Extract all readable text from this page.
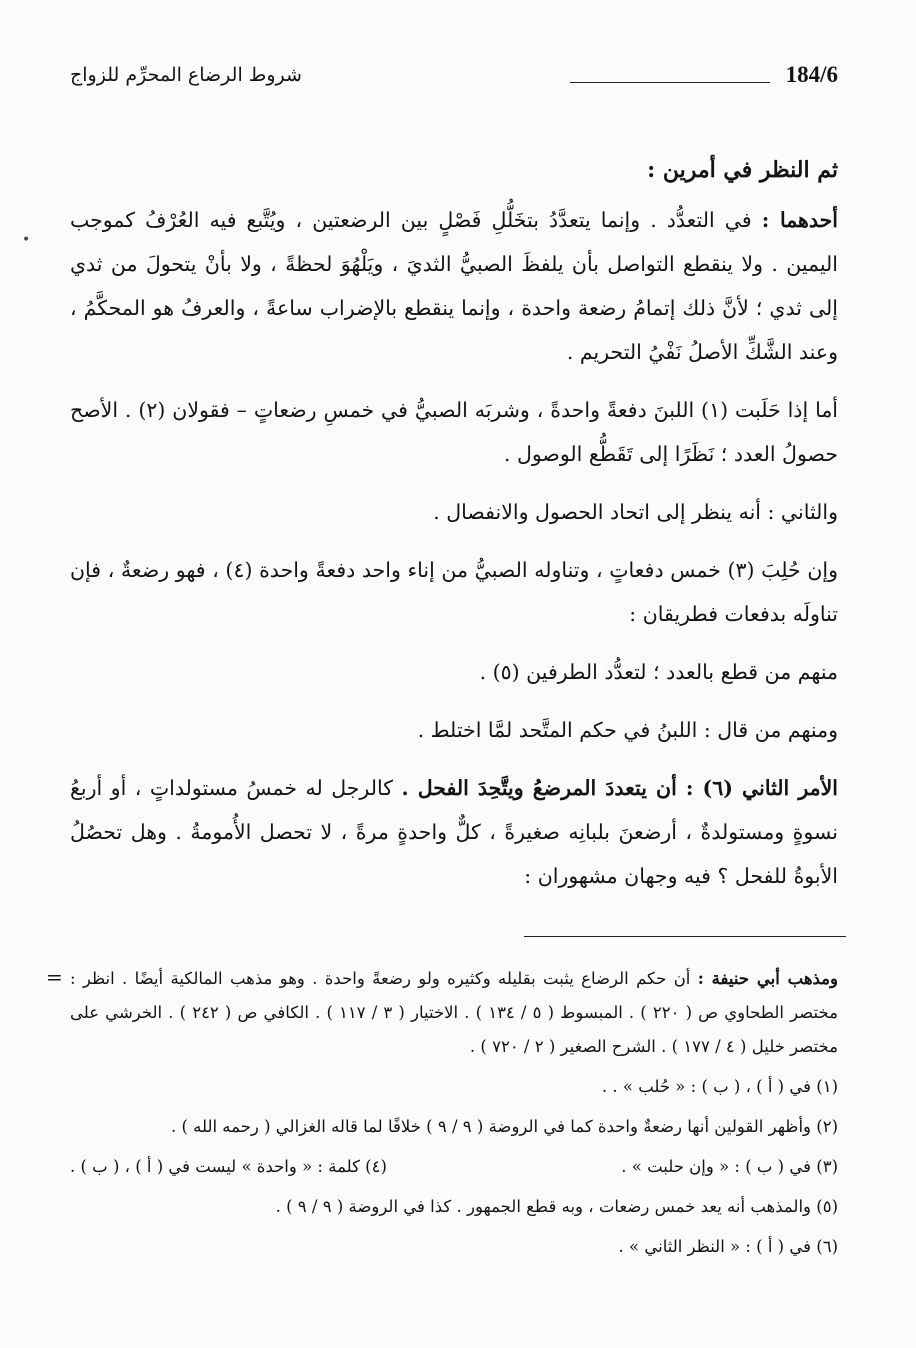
184/6
شروط الرضاع المحرِّم للزواج
•

ثم النظر في أمرين :

أحدهما : في التعدُّد . وإنما يتعدَّدُ بتخَلُّلِ فَصْلٍ بين الرضعتين ، ويُتَّبع فيه العُرْفُ كموجب اليمين . ولا ينقطع التواصل بأن يلفظَ الصبيُّ الثديَ ، ويَلْهُوَ لحظةً ، ولا بأنْ يتحولَ من ثدي إلى ثدي ؛ لأنَّ ذلك إتمامُ رضعة واحدة ، وإنما ينقطع بالإضراب ساعةً ، والعرفُ هو المحكَّمُ ، وعند الشَّكِّ الأصلُ نَفْيُ التحريم .

أما إذا حَلَبت (١) اللبنَ دفعةً واحدةً ، وشربَه الصبيُّ في خمسِ رضعاتٍ – فقولان (٢) . الأصح حصولُ العدد ؛ نَظَرًا إلى تَقَطُّع الوصول .

والثاني : أنه ينظر إلى اتحاد الحصول والانفصال .

وإن حُلِبَ (٣) خمس دفعاتٍ ، وتناوله الصبيُّ من إناء واحد دفعةً واحدة (٤) ، فهو رضعةٌ ، فإن تناولَه بدفعات فطريقان :

منهم من قطع بالعدد ؛ لتعدُّد الطرفين (٥) .

ومنهم من قال : اللبنُ في حكم المتَّحد لمَّا اختلط .

الأمر الثاني (٦) : أن يتعددَ المرضعُ ويتَّحِدَ الفحل . كالرجل له خمسُ مستولداتٍ ، أو أربعُ نسوةٍ ومستولدةٌ ، أرضعنَ بلبانِه صغيرةً ، كلٌّ واحدةٍ مرةً ، لا تحصل الأُمومةُ . وهل تحصُلُ الأبوةُ للفحل ؟ فيه وجهان مشهوران :

=	ومذهب أبي حنيفة : أن حكم الرضاع يثبت بقليله وكثيره ولو رضعةً واحدة . وهو مذهب المالكية أيضًا . انظر : مختصر الطحاوي ص ( ٢٢٠ ) . المبسوط ( ٥ / ١٣٤ ) . الاختيار ( ٣ / ١١٧ ) . الكافي ص ( ٢٤٢ ) . الخرشي على مختصر خليل ( ٤ / ١٧٧ ) . الشرح الصغير ( ٢ / ٧٢٠ ) .

(١) في ( أ ) ، ( ب ) : « حُلب » . .

(٢) وأظهر القولين أنها رضعةٌ واحدة كما في الروضة ( ٩ / ٩ ) خلافًا لما قاله الغزالي ( رحمه الله ) .

(٣) في ( ب ) : « وإن حلبت » .
(٤) كلمة : « واحدة » ليست في ( أ ) ، ( ب ) .

(٥) والمذهب أنه يعد خمس رضعات ، وبه قطع الجمهور . كذا في الروضة ( ٩ / ٩ ) .

(٦) في ( أ ) : « النظر الثاني » .
